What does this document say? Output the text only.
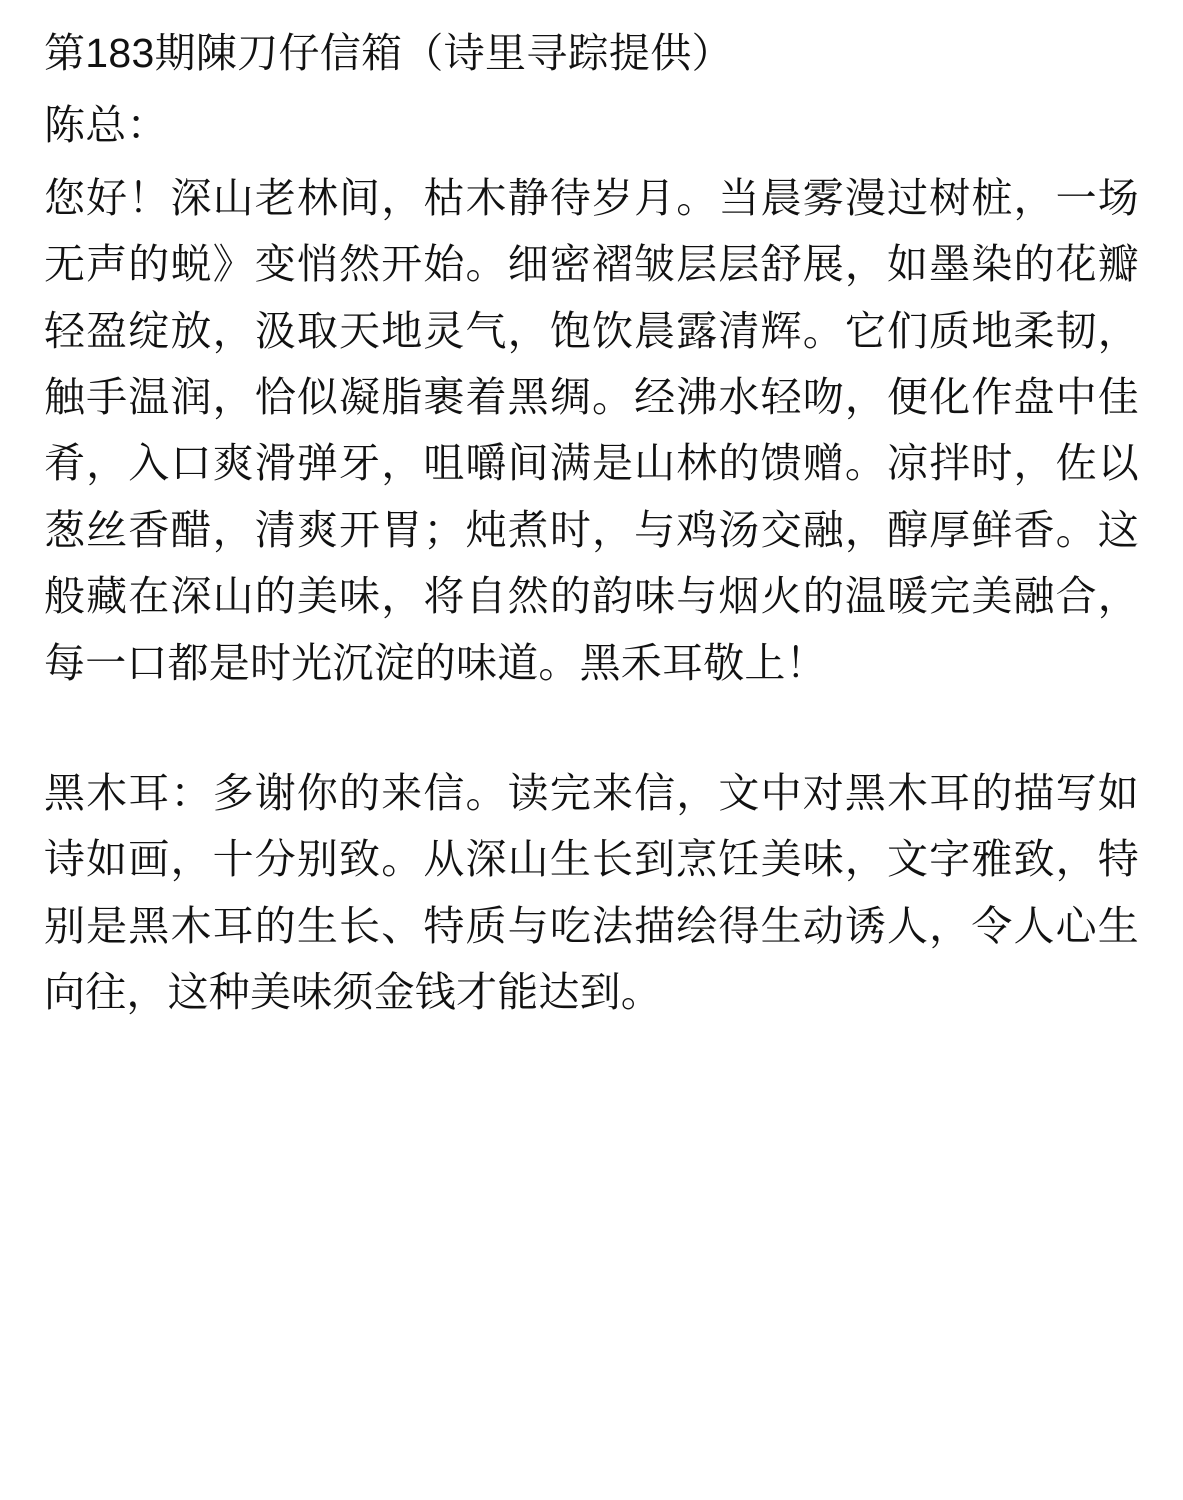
第183期陳刀仔信箱（诗里寻踪提供）

陈总：

您好！深山老林间，枯木静待岁月。当晨雾漫过树桩，一场无声的蜕》变悄然开始。细密褶皱层层舒展，如墨染的花瓣轻盈绽放，汲取天地灵气，饱饮晨露清辉。它们质地柔韧，触手温润，恰似凝脂裹着黑绸。经沸水轻吻，便化作盘中佳肴，入口爽滑弹牙，咀嚼间满是山林的馈赠。凉拌时，佐以葱丝香醋，清爽开胃；炖煮时，与鸡汤交融，醇厚鲜香。这般藏在深山的美味，将自然的韵味与烟火的温暖完美融合，每一口都是时光沉淀的味道。黑禾耳敬上！

黑木耳：多谢你的来信。读完来信，文中对黑木耳的描写如诗如画，十分别致。从深山生长到烹饪美味，文字雅致，特别是黑木耳的生长、特质与吃法描绘得生动诱人，令人心生向往，这种美味须金钱才能达到。
